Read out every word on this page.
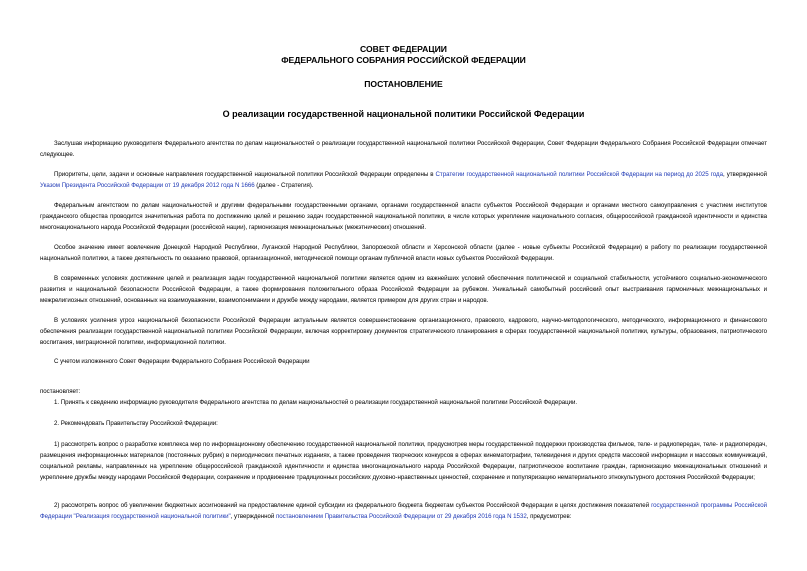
СОВЕТ ФЕДЕРАЦИИ
ФЕДЕРАЛЬНОГО СОБРАНИЯ РОССИЙСКОЙ ФЕДЕРАЦИИ
ПОСТАНОВЛЕНИЕ
О реализации государственной национальной политики Российской Федерации

Заслушав информацию руководителя Федерального агентства по делам национальностей о реализации государственной национальной политики Российской Федерации, Совет Федерации Федерального Собрания Российской Федерации отмечает следующее.

Приоритеты, цели, задачи и основные направления государственной национальной политики Российской Федерации определены в Стратегии государственной национальной политики Российской Федерации на период до 2025 года, утвержденной Указом Президента Российской Федерации от 19 декабря 2012 года N 1666 (далее - Стратегия).

Федеральным агентством по делам национальностей и другими федеральными государственными органами, органами государственной власти субъектов Российской Федерации и органами местного самоуправления с участием институтов гражданского общества проводится значительная работа по достижению целей и решению задач государственной национальной политики, в числе которых укрепление национального согласия, общероссийской гражданской идентичности и единства многонационального народа Российской Федерации (российской нации), гармонизация межнациональных (межэтнических) отношений.

Особое значение имеет вовлечение Донецкой Народной Республики, Луганской Народной Республики, Запорожской области и Херсонской области (далее - новые субъекты Российской Федерации) в работу по реализации государственной национальной политики, а также деятельность по оказанию правовой, организационной, методической помощи органам публичной власти новых субъектов Российской Федерации.

В современных условиях достижение целей и реализация задач государственной национальной политики является одним из важнейших условий обеспечения политической и социальной стабильности, устойчивого социально-экономического развития и национальной безопасности Российской Федерации, а также формирования положительного образа Российской Федерации за рубежом. Уникальный самобытный российский опыт выстраивания гармоничных межнациональных и межрелигиозных отношений, основанных на взаимоуважении, взаимопонимании и дружбе между народами, является примером для других стран и народов.

В условиях усиления угроз национальной безопасности Российской Федерации актуальным является совершенствование организационного, правового, кадрового, научно-методологического, методического, информационного и финансового обеспечения реализации государственной национальной политики Российской Федерации, включая корректировку документов стратегического планирования в сферах государственной национальной политики, культуры, образования, патриотического воспитания, миграционной политики, информационной политики.

С учетом изложенного Совет Федерации Федерального Собрания Российской Федерации

постановляет:

1. Принять к сведению информацию руководителя Федерального агентства по делам национальностей о реализации государственной национальной политики Российской Федерации.

2. Рекомендовать Правительству Российской Федерации:

1) рассмотреть вопрос о разработке комплекса мер по информационному обеспечению государственной национальной политики, предусмотрев меры государственной поддержки производства фильмов, теле- и радиопередач, теле- и радиопередач, размещения информационных материалов (постоянных рубрик) в периодических печатных изданиях, а также проведения творческих конкурсов в сферах кинематографии, телевидения и других средств массовой информации и массовых коммуникаций, социальной рекламы, направленных на укрепление общероссийской гражданской идентичности и единства многонационального народа Российской Федерации, патриотическое воспитание граждан, гармонизацию межнациональных отношений и укрепление дружбы между народами Российской Федерации, сохранение и продвижение традиционных российских духовно-нравственных ценностей, сохранение и популяризацию нематериального этнокультурного достояния Российской Федерации;

2) рассмотреть вопрос об увеличении бюджетных ассигнований на предоставление единой субсидии из федерального бюджета бюджетам субъектов Российской Федерации в целях достижения показателей государственной программы Российской Федерации "Реализация государственной национальной политики", утвержденной постановлением Правительства Российской Федерации от 29 декабря 2016 года N 1532, предусмотрев:
